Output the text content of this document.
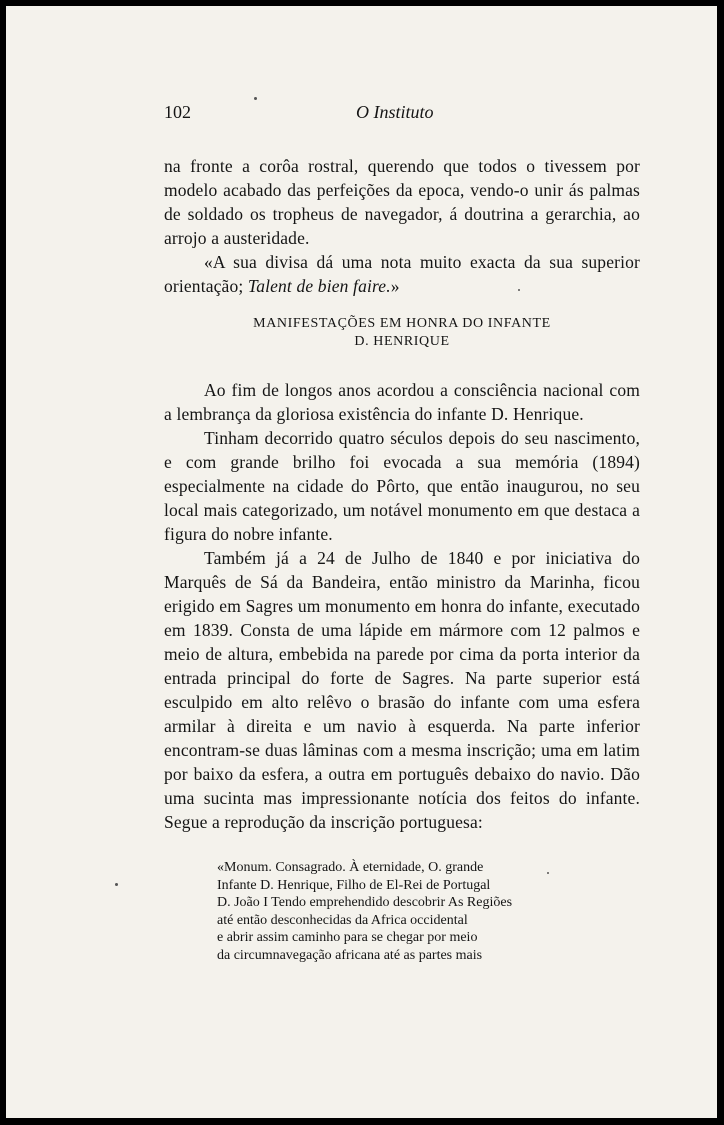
102	O Instituto

na fronte a corôa rostral, querendo que todos o tivessem por modelo acabado das perfeições da epoca, vendo-o unir ás palmas de soldado os tropheus de navegador, á doutrina a gerarchia, ao arrojo a austeridade.

«A sua divisa dá uma nota muito exacta da sua superior orientação; Talent de bien faire.»

MANIFESTAÇÕES EM HONRA DO INFANTE
D. HENRIQUE

Ao fim de longos anos acordou a consciência nacional com a lembrança da gloriosa existência do infante D. Henrique.

Tinham decorrido quatro séculos depois do seu nascimento, e com grande brilho foi evocada a sua memória (1894) especialmente na cidade do Pôrto, que então inaugurou, no seu local mais categorizado, um notável monumento em que destaca a figura do nobre infante.

Também já a 24 de Julho de 1840 e por iniciativa do Marquês de Sá da Bandeira, então ministro da Marinha, ficou erigido em Sagres um monumento em honra do infante, executado em 1839. Consta de uma lápide em mármore com 12 palmos e meio de altura, embebida na parede por cima da porta interior da entrada principal do forte de Sagres. Na parte superior está esculpido em alto relêvo o brasão do infante com uma esfera armilar à direita e um navio à esquerda. Na parte inferior encontram-se duas lâminas com a mesma inscrição; uma em latim por baixo da esfera, a outra em português debaixo do navio. Dão uma sucinta mas impressionante notícia dos feitos do infante. Segue a reprodução da inscrição portuguesa:

«Monum. Consagrado. À eternidade, O. grande
Infante D. Henrique, Filho de El-Rei de Portugal
D. João I Tendo emprehendido descobrir As Regiões
até então desconhecidas da Africa occidental
e abrir assim caminho para se chegar por meio
da circumnavegação africana até as partes mais
